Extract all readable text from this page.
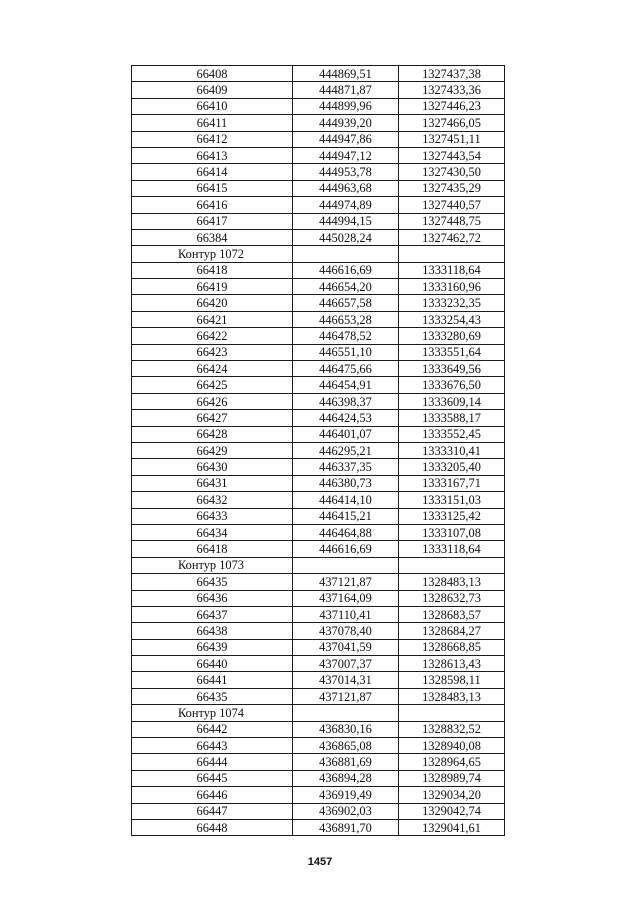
66408	444869,51	1327437,38
66409	444871,87	1327433,36
66410	444899,96	1327446,23
66411	444939,20	1327466,05
66412	444947,86	1327451,11
66413	444947,12	1327443,54
66414	444953,78	1327430,50
66415	444963,68	1327435,29
66416	444974,89	1327440,57
66417	444994,15	1327448,75
66384	445028,24	1327462,72
Контур 1072		
66418	446616,69	1333118,64
66419	446654,20	1333160,96
66420	446657,58	1333232,35
66421	446653,28	1333254,43
66422	446478,52	1333280,69
66423	446551,10	1333551,64
66424	446475,66	1333649,56
66425	446454,91	1333676,50
66426	446398,37	1333609,14
66427	446424,53	1333588,17
66428	446401,07	1333552,45
66429	446295,21	1333310,41
66430	446337,35	1333205,40
66431	446380,73	1333167,71
66432	446414,10	1333151,03
66433	446415,21	1333125,42
66434	446464,88	1333107,08
66418	446616,69	1333118,64
Контур 1073		
66435	437121,87	1328483,13
66436	437164,09	1328632,73
66437	437110,41	1328683,57
66438	437078,40	1328684,27
66439	437041,59	1328668,85
66440	437007,37	1328613,43
66441	437014,31	1328598,11
66435	437121,87	1328483,13
Контур 1074		
66442	436830,16	1328832,52
66443	436865,08	1328940,08
66444	436881,69	1328964,65
66445	436894,28	1328989,74
66446	436919,49	1329034,20
66447	436902,03	1329042,74
66448	436891,70	1329041,61
1457
